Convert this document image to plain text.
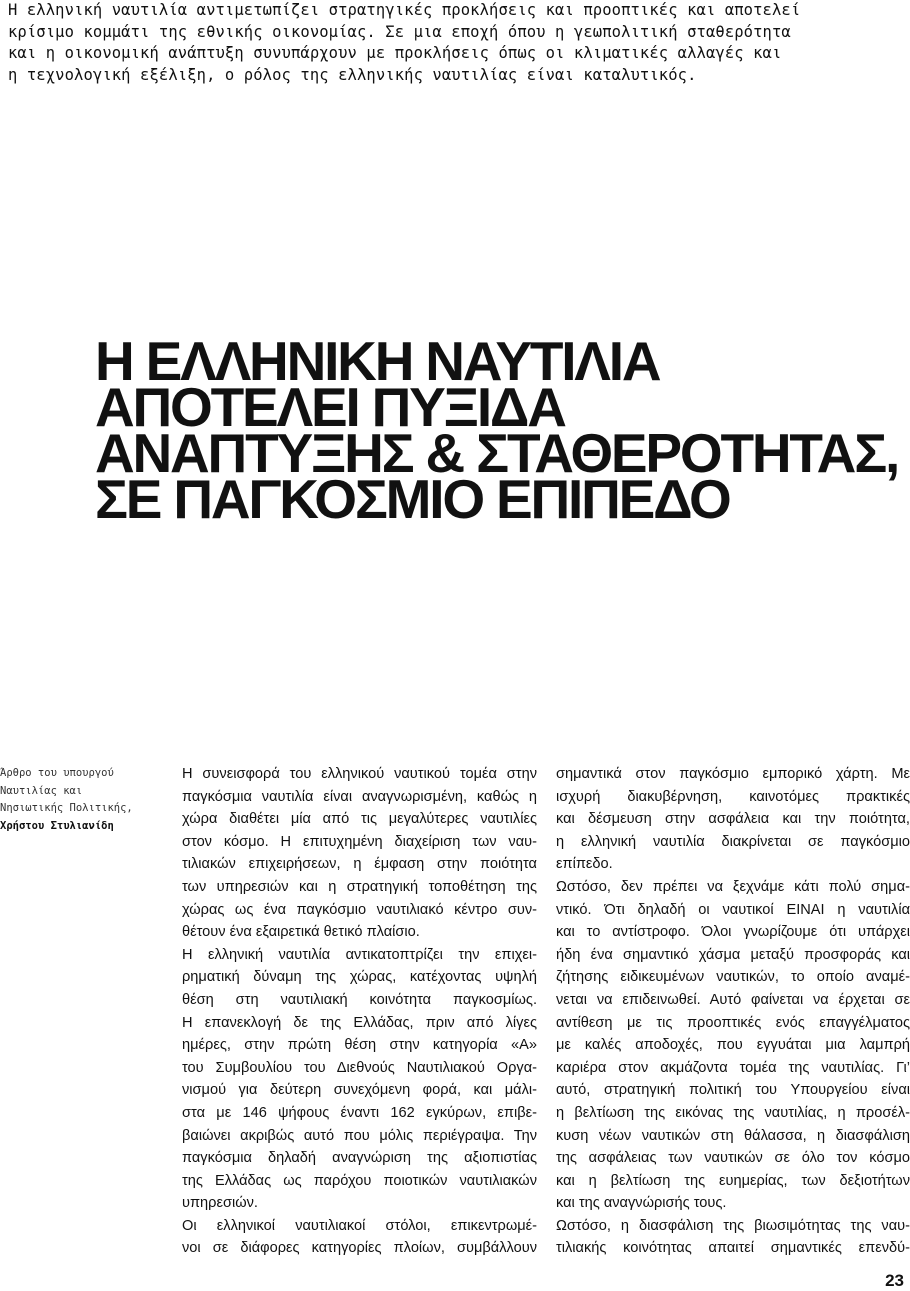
Η ελληνική ναυτιλία αντιμετωπίζει στρατηγικές προκλήσεις και προοπτικές και αποτελεί

κρίσιμο κομμάτι της εθνικής οικονομίας. Σε μια εποχή όπου η γεωπολιτική σταθερότητα

και η οικονομική ανάπτυξη συνυπάρχουν με προκλήσεις όπως οι κλιματικές αλλαγές και

η τεχνολογική εξέλιξη, ο ρόλος της ελληνικής ναυτιλίας είναι καταλυτικός.

Η ΕΛΛΗΝΙΚΗ ΝΑΥΤΙΛΙΑ
ΑΠΟΤΕΛΕΙ ΠΥΞΙΔΑ
ΑΝΑΠΤΥΞΗΣ & ΣΤΑΘΕΡΟΤΗΤΑΣ,
ΣΕ ΠΑΓΚΟΣΜΙΟ ΕΠΙΠΕΔΟ
Άρθρο του υπουργού
Ναυτιλίας και
Νησιωτικής Πολιτικής,
Χρήστου Στυλιανίδη
Η συνεισφορά του ελληνικού ναυτικού τομέα στην
παγκόσμια ναυτιλία είναι αναγνωρισμένη, καθώς η
χώρα διαθέτει μία από τις μεγαλύτερες ναυτιλίες
στον κόσμο. Η επιτυχημένη διαχείριση των ναυ-
τιλιακών επιχειρήσεων, η έμφαση στην ποιότητα
των υπηρεσιών και η στρατηγική τοποθέτηση της
χώρας ως ένα παγκόσμιο ναυτιλιακό κέντρο συν-
θέτουν ένα εξαιρετικά θετικό πλαίσιο.
Η ελληνική ναυτιλία αντικατοπτρίζει την επιχει-
ρηματική δύναμη της χώρας, κατέχοντας υψηλή
θέση στη ναυτιλιακή κοινότητα παγκοσμίως.
Η επανεκλογή δε της Ελλάδας, πριν από λίγες
ημέρες, στην πρώτη θέση στην κατηγορία «Α»
του Συμβουλίου του Διεθνούς Ναυτιλιακού Οργα-
νισμού για δεύτερη συνεχόμενη φορά, και μάλι-
στα με 146 ψήφους έναντι 162 εγκύρων, επιβε-
βαιώνει ακριβώς αυτό που μόλις περιέγραψα. Την
παγκόσμια δηλαδή αναγνώριση της αξιοπιστίας
της Ελλάδας ως παρόχου ποιοτικών ναυτιλιακών
υπηρεσιών.
Οι ελληνικοί ναυτιλιακοί στόλοι, επικεντρωμέ-
νοι σε διάφορες κατηγορίες πλοίων, συμβάλλουν
σημαντικά στον παγκόσμιο εμπορικό χάρτη. Με
ισχυρή διακυβέρνηση, καινοτόμες πρακτικές
και δέσμευση στην ασφάλεια και την ποιότητα,
η ελληνική ναυτιλία διακρίνεται σε παγκόσμιο
επίπεδο.
Ωστόσο, δεν πρέπει να ξεχνάμε κάτι πολύ σημα-
ντικό. Ότι δηλαδή οι ναυτικοί ΕΙΝΑΙ η ναυτιλία
και το αντίστροφο. Όλοι γνωρίζουμε ότι υπάρχει
ήδη ένα σημαντικό χάσμα μεταξύ προσφοράς και
ζήτησης ειδικευμένων ναυτικών, το οποίο αναμέ-
νεται να επιδεινωθεί. Αυτό φαίνεται να έρχεται σε
αντίθεση με τις προοπτικές ενός επαγγέλματος
με καλές αποδοχές, που εγγυάται μια λαμπρή
καριέρα στον ακμάζοντα τομέα της ναυτιλίας. Γι’
αυτό, στρατηγική πολιτική του Υπουργείου είναι
η βελτίωση της εικόνας της ναυτιλίας, η προσέλ-
κυση νέων ναυτικών στη θάλασσα, η διασφάλιση
της ασφάλειας των ναυτικών σε όλο τον κόσμο
και η βελτίωση της ευημερίας, των δεξιοτήτων
και της αναγνώρισής τους.
Ωστόσο, η διασφάλιση της βιωσιμότητας της ναυ-
τιλιακής κοινότητας απαιτεί σημαντικές επενδύ-
23
